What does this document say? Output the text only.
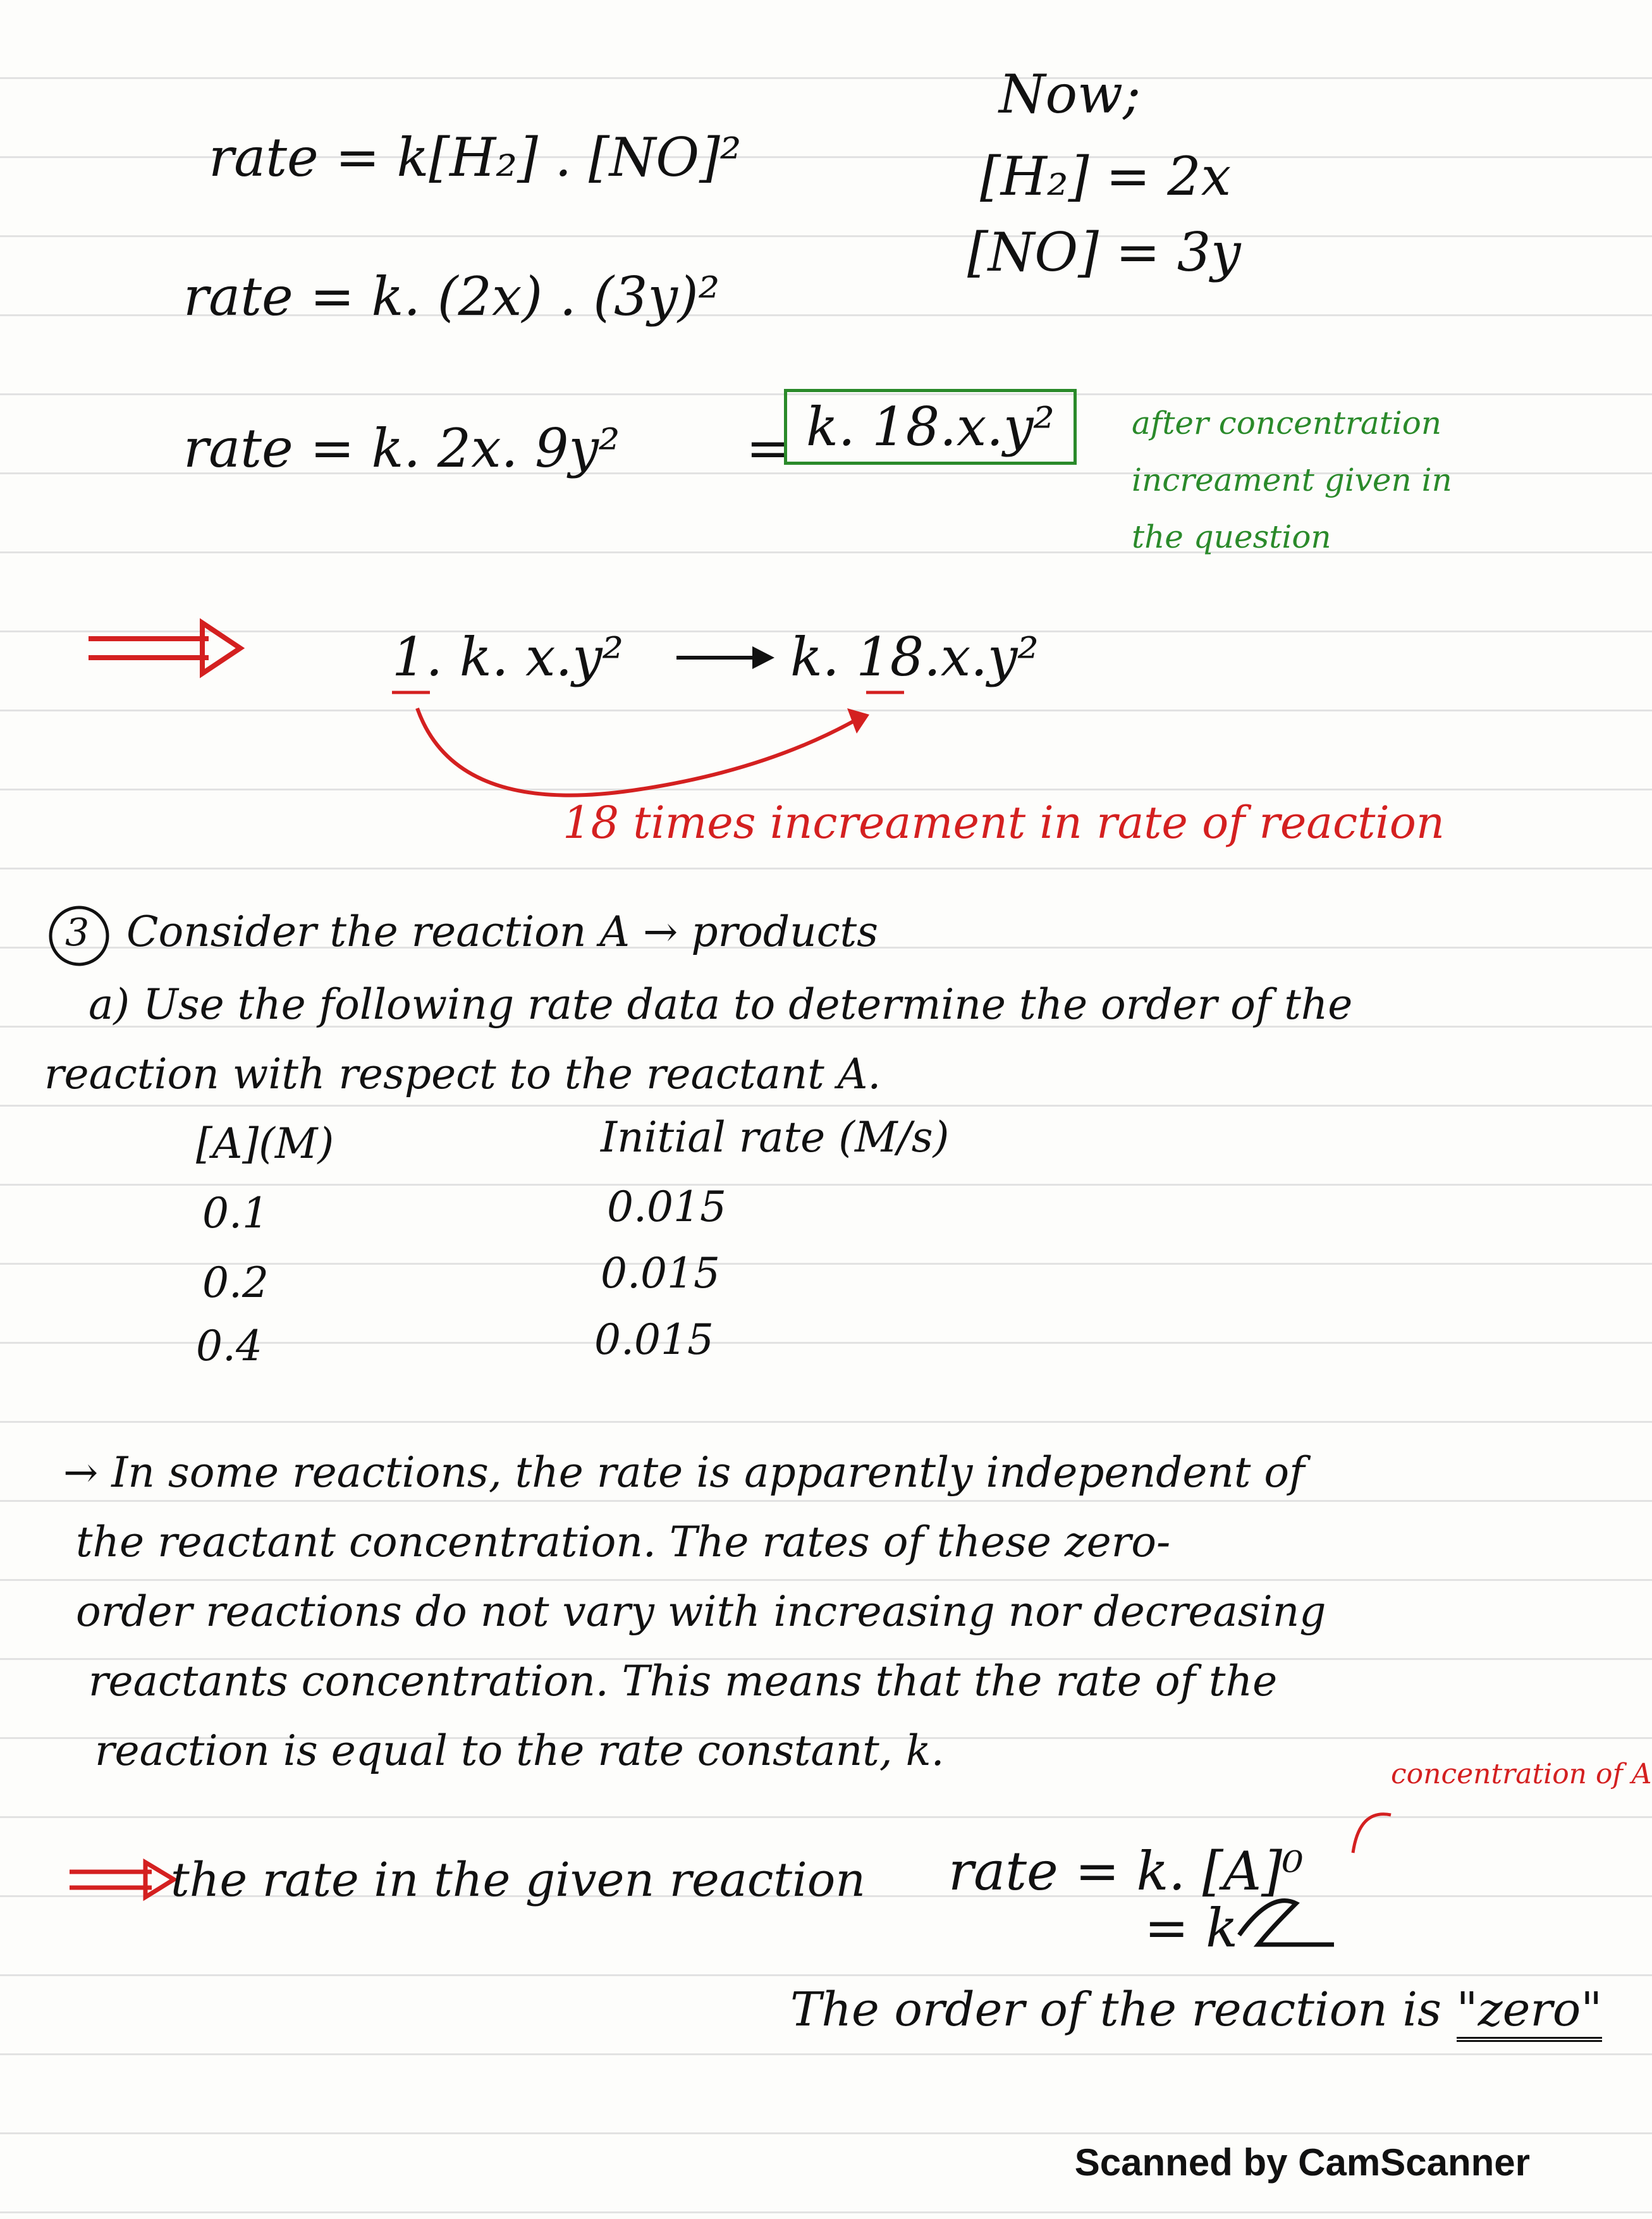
rate = k[H₂] . [NO]²
rate = k. (2x) . (3y)²
rate = k. 2x. 9y² = k. 18.x.y²
Now;
[H₂] = 2x
[NO] = 3y
after concentration
increament given in
the question
1. k. x.y²	k. 18.x.y²
18 times increament in rate of reaction
3 Consider the reaction A → products
a) Use the following rate data to determine the order of the
reaction with respect to the reactant A.
[A](M)	Initial rate (M/s)
0.1	0.015
0.2	0.015
0.4	0.015
→ In some reactions, the rate is apparently independent of
the reactant concentration. The rates of these zero-
order reactions do not vary with increasing nor decreasing
reactants concentration. This means that the rate of the
reaction is equal to the rate constant, k.
the rate in the given reaction
concentration of A
rate = k. [A]⁰
= k
The order of the reaction is "zero"
Scanned by CamScanner
